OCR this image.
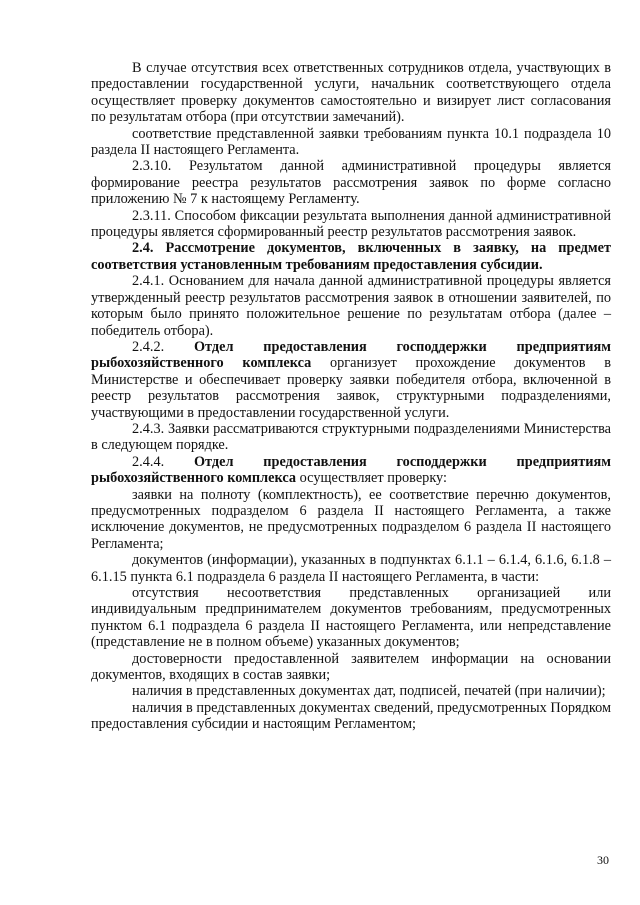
В случае отсутствия всех ответственных сотрудников отдела, участвующих в предоставлении государственной услуги, начальник соответствующего отдела осуществляет проверку документов самостоятельно и визирует лист согласования по результатам отбора (при отсутствии замечаний).

соответствие представленной заявки требованиям пункта 10.1 подраздела 10 раздела II настоящего Регламента.

2.3.10. Результатом данной административной процедуры является формирование реестра результатов рассмотрения заявок по форме согласно приложению № 7 к настоящему Регламенту.

2.3.11. Способом фиксации результата выполнения данной административной процедуры является сформированный реестр результатов рассмотрения заявок.

2.4. Рассмотрение документов, включенных в заявку, на предмет соответствия установленным требованиям предоставления субсидии.

2.4.1. Основанием для начала данной административной процедуры является утвержденный реестр результатов рассмотрения заявок в отношении заявителей, по которым было принято положительное решение по результатам отбора (далее – победитель отбора).

2.4.2. Отдел предоставления господдержки предприятиям рыбохозяйственного комплекса организует прохождение документов в Министерстве и обеспечивает проверку заявки победителя отбора, включенной в реестр результатов рассмотрения заявок, структурными подразделениями, участвующими в предоставлении государственной услуги.

2.4.3. Заявки рассматриваются структурными подразделениями Министерства в следующем порядке.

2.4.4. Отдел предоставления господдержки предприятиям рыбохозяйственного комплекса осуществляет проверку:

заявки на полноту (комплектность), ее соответствие перечню документов, предусмотренных подразделом 6 раздела II настоящего Регламента, а также исключение документов, не предусмотренных подразделом 6 раздела II настоящего Регламента;

документов (информации), указанных в подпунктах 6.1.1 – 6.1.4, 6.1.6, 6.1.8 – 6.1.15 пункта 6.1 подраздела 6 раздела II настоящего Регламента, в части:

отсутствия несоответствия представленных организацией или индивидуальным предпринимателем документов требованиям, предусмотренных пунктом 6.1 подраздела 6 раздела II настоящего Регламента, или непредставление (представление не в полном объеме) указанных документов;

достоверности предоставленной заявителем информации на основании документов, входящих в состав заявки;

наличия в представленных документах дат, подписей, печатей (при наличии);

наличия в представленных документах сведений, предусмотренных Порядком предоставления субсидии и настоящим Регламентом;

30
